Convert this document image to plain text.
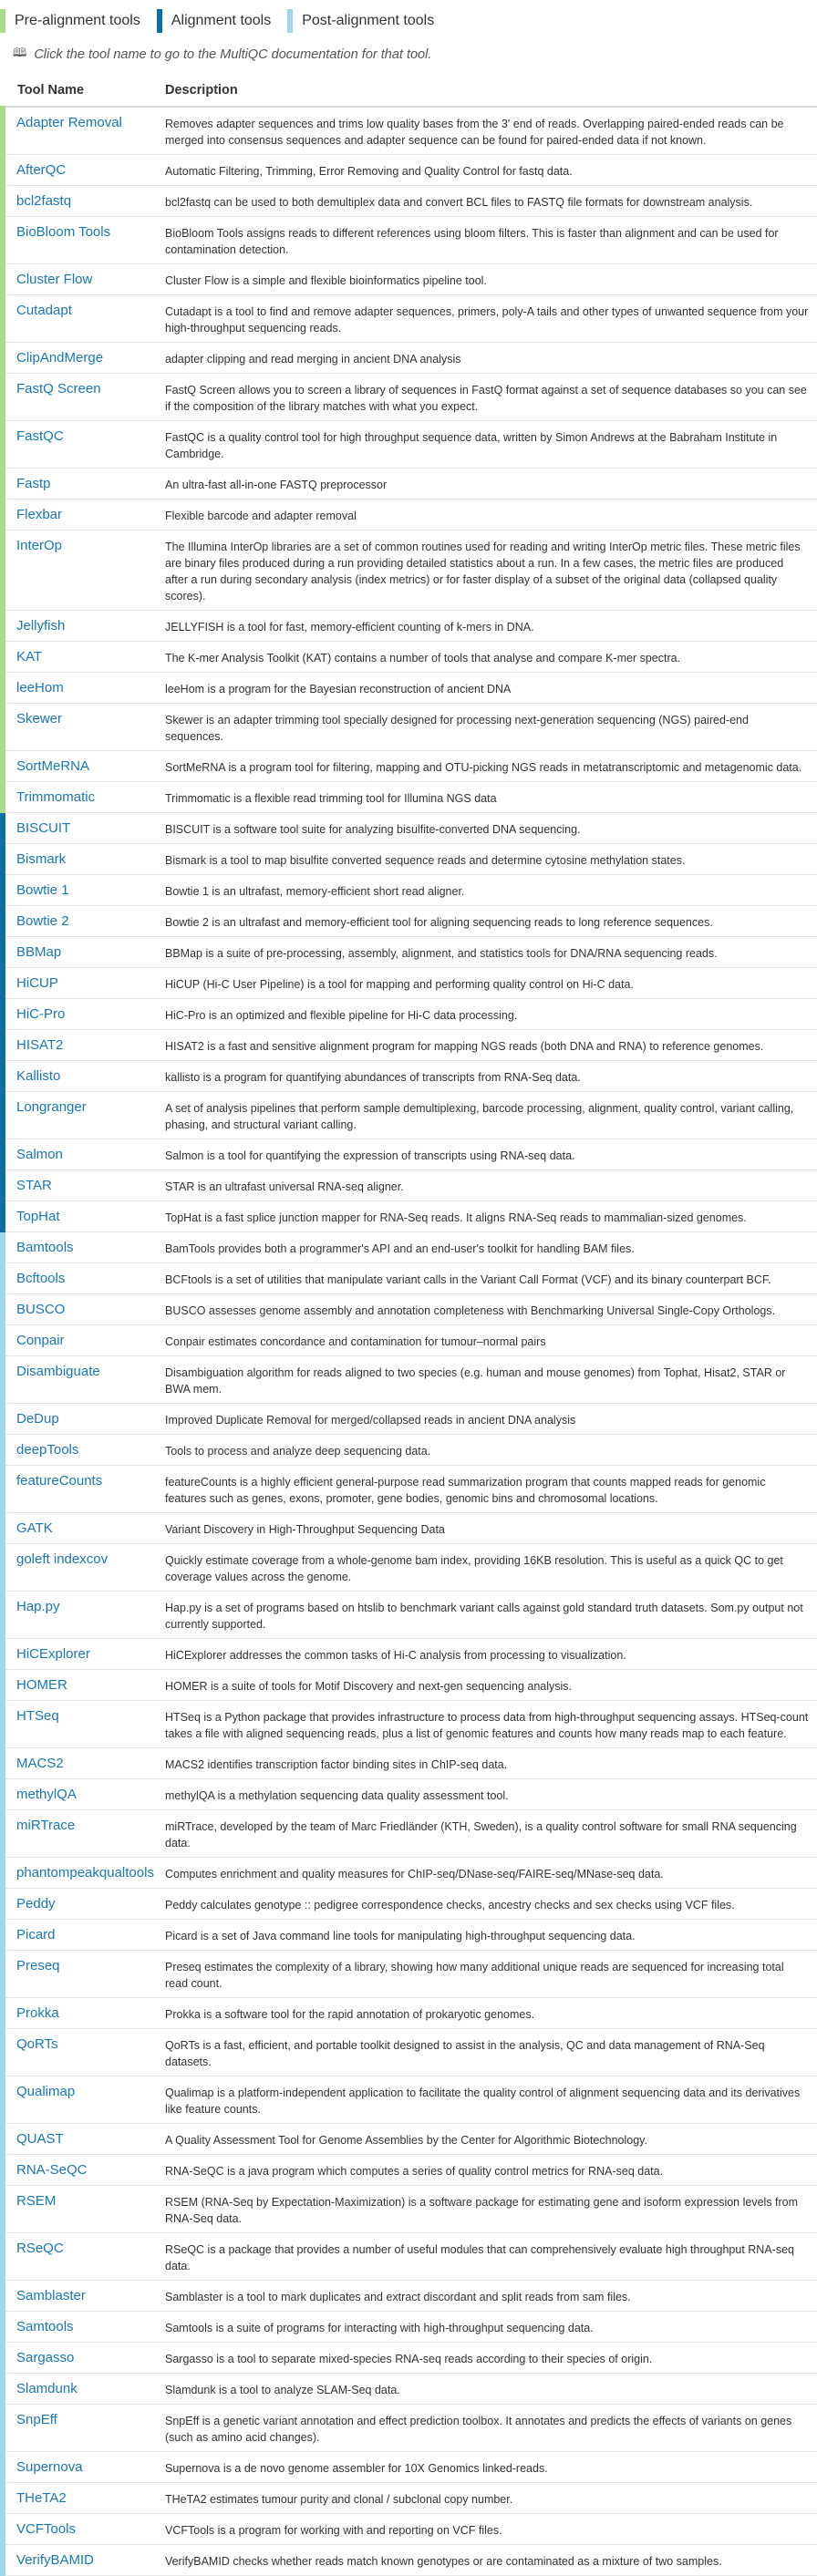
Pre-alignment tools	Alignment tools	Post-alignment tools
🕮 Click the tool name to go to the MultiQC documentation for that tool.
Tool Name	Description
Adapter Removal	Removes adapter sequences and trims low quality bases from the 3' end of reads. Overlapping paired-ended reads can be merged into consensus sequences and adapter sequence can be found for paired-ended data if not known.
AfterQC	Automatic Filtering, Trimming, Error Removing and Quality Control for fastq data.
bcl2fastq	bcl2fastq can be used to both demultiplex data and convert BCL files to FASTQ file formats for downstream analysis.
BioBloom Tools	BioBloom Tools assigns reads to different references using bloom filters. This is faster than alignment and can be used for contamination detection.
Cluster Flow	Cluster Flow is a simple and flexible bioinformatics pipeline tool.
Cutadapt	Cutadapt is a tool to find and remove adapter sequences, primers, poly-A tails and other types of unwanted sequence from your high-throughput sequencing reads.
ClipAndMerge	adapter clipping and read merging in ancient DNA analysis
FastQ Screen	FastQ Screen allows you to screen a library of sequences in FastQ format against a set of sequence databases so you can see if the composition of the library matches with what you expect.
FastQC	FastQC is a quality control tool for high throughput sequence data, written by Simon Andrews at the Babraham Institute in Cambridge.
Fastp	An ultra-fast all-in-one FASTQ preprocessor
Flexbar	Flexible barcode and adapter removal
InterOp	The Illumina InterOp libraries are a set of common routines used for reading and writing InterOp metric files. These metric files are binary files produced during a run providing detailed statistics about a run. In a few cases, the metric files are produced after a run during secondary analysis (index metrics) or for faster display of a subset of the original data (collapsed quality scores).
Jellyfish	JELLYFISH is a tool for fast, memory-efficient counting of k-mers in DNA.
KAT	The K-mer Analysis Toolkit (KAT) contains a number of tools that analyse and compare K-mer spectra.
leeHom	leeHom is a program for the Bayesian reconstruction of ancient DNA
Skewer	Skewer is an adapter trimming tool specially designed for processing next-generation sequencing (NGS) paired-end sequences.
SortMeRNA	SortMeRNA is a program tool for filtering, mapping and OTU-picking NGS reads in metatranscriptomic and metagenomic data.
Trimmomatic	Trimmomatic is a flexible read trimming tool for Illumina NGS data
BISCUIT	BISCUIT is a software tool suite for analyzing bisulfite-converted DNA sequencing.
Bismark	Bismark is a tool to map bisulfite converted sequence reads and determine cytosine methylation states.
Bowtie 1	Bowtie 1 is an ultrafast, memory-efficient short read aligner.
Bowtie 2	Bowtie 2 is an ultrafast and memory-efficient tool for aligning sequencing reads to long reference sequences.
BBMap	BBMap is a suite of pre-processing, assembly, alignment, and statistics tools for DNA/RNA sequencing reads.
HiCUP	HiCUP (Hi-C User Pipeline) is a tool for mapping and performing quality control on Hi-C data.
HiC-Pro	HiC-Pro is an optimized and flexible pipeline for Hi-C data processing.
HISAT2	HISAT2 is a fast and sensitive alignment program for mapping NGS reads (both DNA and RNA) to reference genomes.
Kallisto	kallisto is a program for quantifying abundances of transcripts from RNA-Seq data.
Longranger	A set of analysis pipelines that perform sample demultiplexing, barcode processing, alignment, quality control, variant calling, phasing, and structural variant calling.
Salmon	Salmon is a tool for quantifying the expression of transcripts using RNA-seq data.
STAR	STAR is an ultrafast universal RNA-seq aligner.
TopHat	TopHat is a fast splice junction mapper for RNA-Seq reads. It aligns RNA-Seq reads to mammalian-sized genomes.
Bamtools	BamTools provides both a programmer's API and an end-user's toolkit for handling BAM files.
Bcftools	BCFtools is a set of utilities that manipulate variant calls in the Variant Call Format (VCF) and its binary counterpart BCF.
BUSCO	BUSCO assesses genome assembly and annotation completeness with Benchmarking Universal Single-Copy Orthologs.
Conpair	Conpair estimates concordance and contamination for tumour–normal pairs
Disambiguate	Disambiguation algorithm for reads aligned to two species (e.g. human and mouse genomes) from Tophat, Hisat2, STAR or BWA mem.
DeDup	Improved Duplicate Removal for merged/collapsed reads in ancient DNA analysis
deepTools	Tools to process and analyze deep sequencing data.
featureCounts	featureCounts is a highly efficient general-purpose read summarization program that counts mapped reads for genomic features such as genes, exons, promoter, gene bodies, genomic bins and chromosomal locations.
GATK	Variant Discovery in High-Throughput Sequencing Data
goleft indexcov	Quickly estimate coverage from a whole-genome bam index, providing 16KB resolution. This is useful as a quick QC to get coverage values across the genome.
Hap.py	Hap.py is a set of programs based on htslib to benchmark variant calls against gold standard truth datasets. Som.py output not currently supported.
HiCExplorer	HiCExplorer addresses the common tasks of Hi-C analysis from processing to visualization.
HOMER	HOMER is a suite of tools for Motif Discovery and next-gen sequencing analysis.
HTSeq	HTSeq is a Python package that provides infrastructure to process data from high-throughput sequencing assays. HTSeq-count takes a file with aligned sequencing reads, plus a list of genomic features and counts how many reads map to each feature.
MACS2	MACS2 identifies transcription factor binding sites in ChIP-seq data.
methylQA	methylQA is a methylation sequencing data quality assessment tool.
miRTrace	miRTrace, developed by the team of Marc Friedländer (KTH, Sweden), is a quality control software for small RNA sequencing data.
phantompeakqualtools	Computes enrichment and quality measures for ChIP-seq/DNase-seq/FAIRE-seq/MNase-seq data.
Peddy	Peddy calculates genotype :: pedigree correspondence checks, ancestry checks and sex checks using VCF files.
Picard	Picard is a set of Java command line tools for manipulating high-throughput sequencing data.
Preseq	Preseq estimates the complexity of a library, showing how many additional unique reads are sequenced for increasing total read count.
Prokka	Prokka is a software tool for the rapid annotation of prokaryotic genomes.
QoRTs	QoRTs is a fast, efficient, and portable toolkit designed to assist in the analysis, QC and data management of RNA-Seq datasets.
Qualimap	Qualimap is a platform-independent application to facilitate the quality control of alignment sequencing data and its derivatives like feature counts.
QUAST	A Quality Assessment Tool for Genome Assemblies by the Center for Algorithmic Biotechnology.
RNA-SeQC	RNA-SeQC is a java program which computes a series of quality control metrics for RNA-seq data.
RSEM	RSEM (RNA-Seq by Expectation-Maximization) is a software package for estimating gene and isoform expression levels from RNA-Seq data.
RSeQC	RSeQC is a package that provides a number of useful modules that can comprehensively evaluate high throughput RNA-seq data.
Samblaster	Samblaster is a tool to mark duplicates and extract discordant and split reads from sam files.
Samtools	Samtools is a suite of programs for interacting with high-throughput sequencing data.
Sargasso	Sargasso is a tool to separate mixed-species RNA-seq reads according to their species of origin.
Slamdunk	Slamdunk is a tool to analyze SLAM-Seq data.
SnpEff	SnpEff is a genetic variant annotation and effect prediction toolbox. It annotates and predicts the effects of variants on genes (such as amino acid changes).
Supernova	Supernova is a de novo genome assembler for 10X Genomics linked-reads.
THeTA2	THeTA2 estimates tumour purity and clonal / subclonal copy number.
VCFTools	VCFTools is a program for working with and reporting on VCF files.
VerifyBAMID	VerifyBAMID checks whether reads match known genotypes or are contaminated as a mixture of two samples.
